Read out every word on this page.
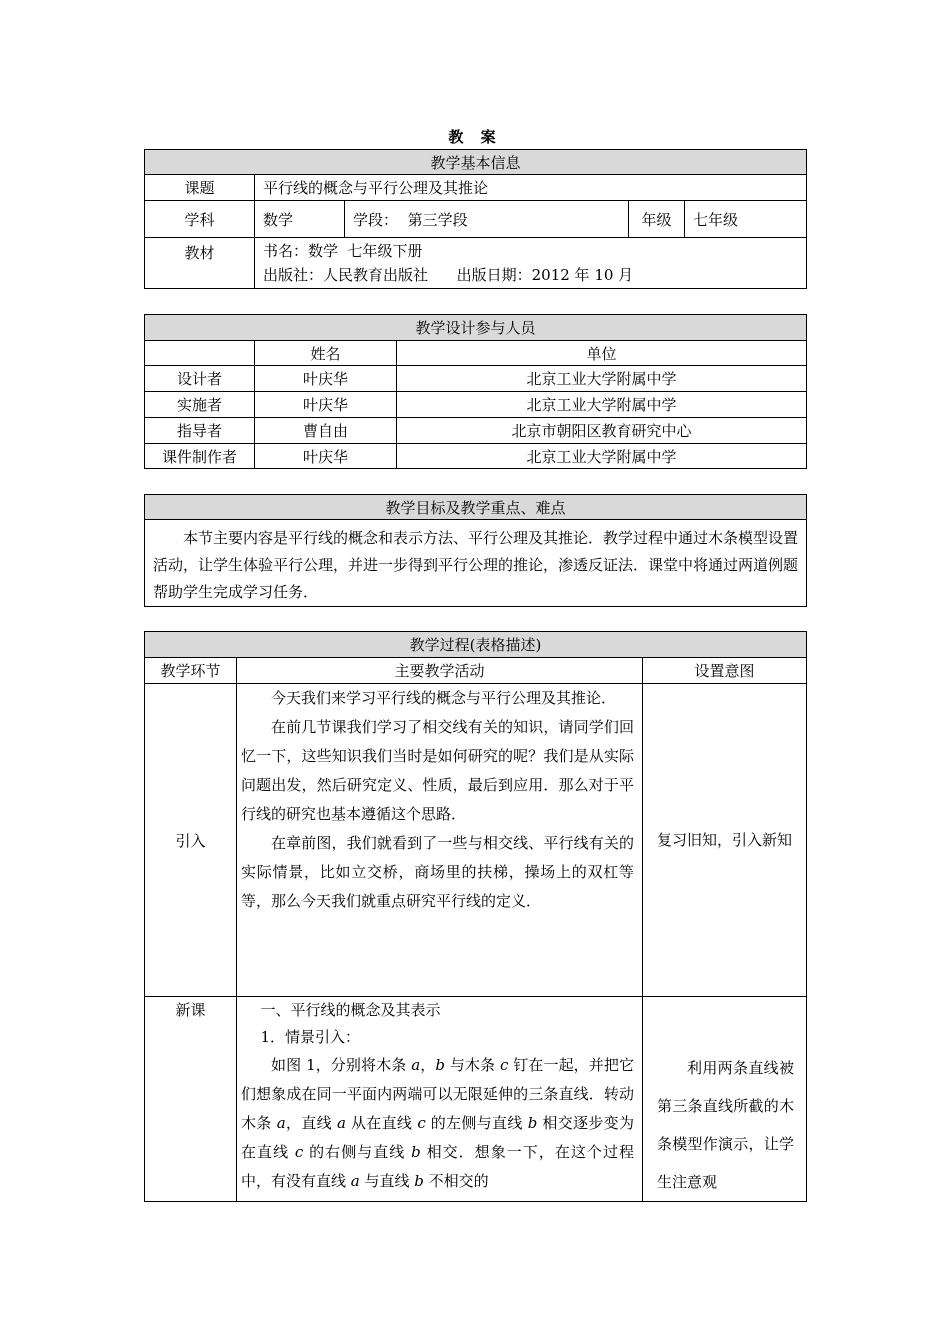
教 案
教学基本信息				
课题	平行线的概念与平行公理及其推论			
学科	数学	学段： 第三学段	年级	七年级
教材	书名：数学  七年级下册
出版社：人民教育出版社      出版日期：2012 年 10 月			
教学设计参与人员		
	姓名	单位
设计者	叶庆华	北京工业大学附属中学
实施者	叶庆华	北京工业大学附属中学
指导者	曹自由	北京市朝阳区教育研究中心
课件制作者	叶庆华	北京工业大学附属中学
教学目标及教学重点、难点

本节主要内容是平行线的概念和表示方法、平行公理及其推论．教学过程中通过木条模型设置活动，让学生体验平行公理，并进一步得到平行公理的推论，渗透反证法．课堂中将通过两道例题帮助学生完成学习任务．
教学过程(表格描述)		
教学环节	主要教学活动	设置意图
引入	今天我们来学习平行线的概念与平行公理及其推论．

在前几节课我们学习了相交线有关的知识，请同学们回忆一下，这些知识我们当时是如何研究的呢？我们是从实际问题出发，然后研究定义、性质，最后到应用．那么对于平行线的研究也基本遵循这个思路．

在章前图，我们就看到了一些与相交线、平行线有关的实际情景，比如立交桥，商场里的扶梯，操场上的双杠等等，那么今天我们就重点研究平行线的定义．	复习旧知，引入新知
新课	一、平行线的概念及其表示

1．情景引入：

如图 1，分别将木条 a，b 与木条 c 钉在一起，并把它们想象成在同一平面内两端可以无限延伸的三条直线．转动木条 a，直线 a 从在直线 c 的左侧与直线 b 相交逐步变为在直线 c 的右侧与直线 b 相交．想象一下，在这个过程中，有没有直线 a 与直线 b 不相交的	利用两条直线被第三条直线所截的木条模型作演示，让学生注意观
